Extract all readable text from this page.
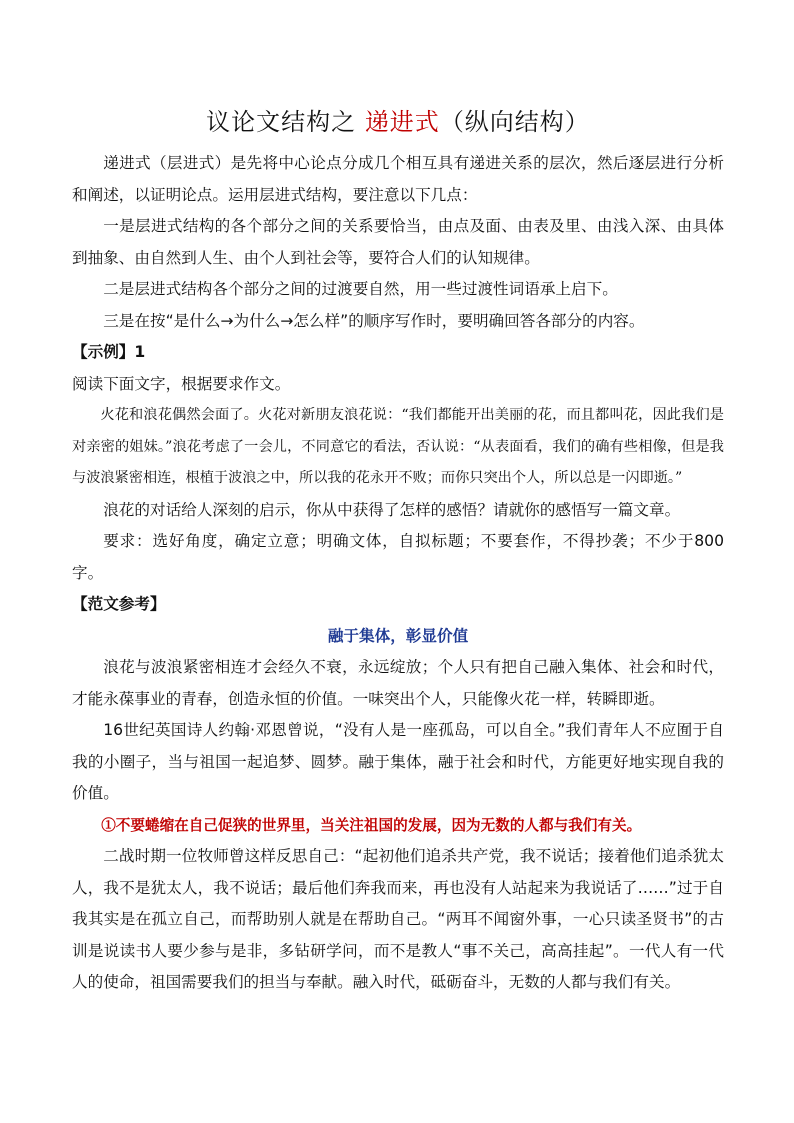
议论文结构之 递进式（纵向结构）

递进式（层进式）是先将中心论点分成几个相互具有递进关系的层次，然后逐层进行分析和阐述，以证明论点。运用层进式结构，要注意以下几点：

一是层进式结构的各个部分之间的关系要恰当，由点及面、由表及里、由浅入深、由具体到抽象、由自然到人生、由个人到社会等，要符合人们的认知规律。

二是层进式结构各个部分之间的过渡要自然，用一些过渡性词语承上启下。

三是在按“是什么→为什么→怎么样”的顺序写作时，要明确回答各部分的内容。

【示例】1

阅读下面文字，根据要求作文。

火花和浪花偶然会面了。火花对新朋友浪花说：“我们都能开出美丽的花，而且都叫花，因此我们是对亲密的姐妹。”浪花考虑了一会儿，不同意它的看法，否认说：“从表面看，我们的确有些相像，但是我与波浪紧密相连，根植于波浪之中，所以我的花永开不败；而你只突出个人，所以总是一闪即逝。”

浪花的对话给人深刻的启示，你从中获得了怎样的感悟？请就你的感悟写一篇文章。

要求：选好角度，确定立意；明确文体，自拟标题；不要套作，不得抄袭；不少于800字。

【范文参考】

融于集体，彰显价值

浪花与波浪紧密相连才会经久不衰，永远绽放；个人只有把自己融入集体、社会和时代，才能永葆事业的青春，创造永恒的价值。一味突出个人，只能像火花一样，转瞬即逝。

16世纪英国诗人约翰·邓恩曾说，“没有人是一座孤岛，可以自全。”我们青年人不应囿于自我的小圈子，当与祖国一起追梦、圆梦。融于集体，融于社会和时代，方能更好地实现自我的价值。

①不要蜷缩在自己促狭的世界里，当关注祖国的发展，因为无数的人都与我们有关。

二战时期一位牧师曾这样反思自己：“起初他们追杀共产党，我不说话；接着他们追杀犹太人，我不是犹太人，我不说话；最后他们奔我而来，再也没有人站起来为我说话了……”过于自我其实是在孤立自己，而帮助别人就是在帮助自己。“两耳不闻窗外事，一心只读圣贤书”的古训是说读书人要少参与是非，多钻研学问，而不是教人“事不关己，高高挂起”。一代人有一代人的使命，祖国需要我们的担当与奉献。融入时代，砥砺奋斗，无数的人都与我们有关。
